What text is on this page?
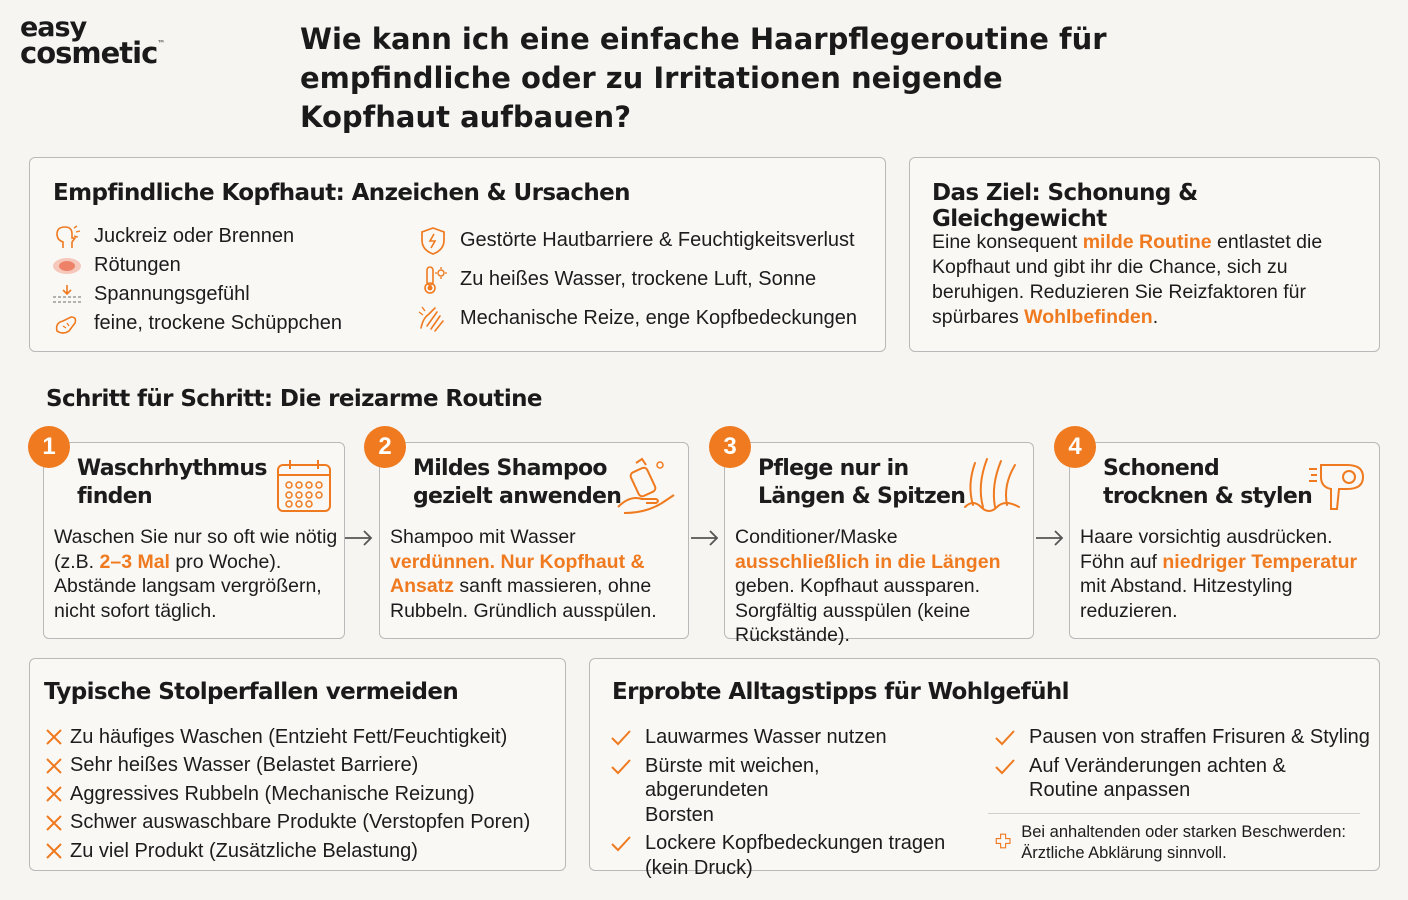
easy
cosmetic™	Wie kann ich eine einfache Haarpflegeroutine für empfindliche oder zu Irritationen neigende Kopfhaut aufbauen?
Empfindliche Kopfhaut: Anzeichen & Ursachen
Juckreiz oder Brennen
Rötungen
Spannungsgefühl
feine, trockene Schüppchen
Gestörte Hautbarriere & Feuchtigkeitsverlust
Zu heißes Wasser, trockene Luft, Sonne
Mechanische Reize, enge Kopfbedeckungen
Das Ziel: Schonung & Gleichgewicht
Eine konsequent milde Routine entlastet die Kopfhaut und gibt ihr die Chance, sich zu beruhigen. Reduzieren Sie Reizfaktoren für spürbares Wohlbefinden.
Schritt für Schritt: Die reizarme Routine
1
Waschrhythmus finden
Waschen Sie nur so oft wie nötig (z.B. 2–3 Mal pro Woche). Abstände langsam vergrößern, nicht sofort täglich.
2
Mildes Shampoo gezielt anwenden
Shampoo mit Wasser verdünnen. Nur Kopfhaut & Ansatz sanft massieren, ohne Rubbeln. Gründlich ausspülen.
3
Pflege nur in Längen & Spitzen
Conditioner/Maske ausschließlich in die Längen geben. Kopfhaut aussparen. Sorgfältig ausspülen (keine Rückstände).
4
Schonend trocknen & stylen
Haare vorsichtig ausdrücken. Föhn auf niedriger Temperatur mit Abstand. Hitzestyling reduzieren.
Typische Stolperfallen vermeiden
Zu häufiges Waschen (Entzieht Fett/Feuchtigkeit)
Sehr heißes Wasser (Belastet Barriere)
Aggressives Rubbeln (Mechanische Reizung)
Schwer auswaschbare Produkte (Verstopfen Poren)
Zu viel Produkt (Zusätzliche Belastung)
Erprobte Alltagstipps für Wohlgefühl
Lauwarmes Wasser nutzen
Bürste mit weichen, abgerundeten Borsten
Lockere Kopfbedeckungen tragen (kein Druck)
Pausen von straffen Frisuren & Styling
Auf Veränderungen achten & Routine anpassen
Bei anhaltenden oder starken Beschwerden: Ärztliche Abklärung sinnvoll.
